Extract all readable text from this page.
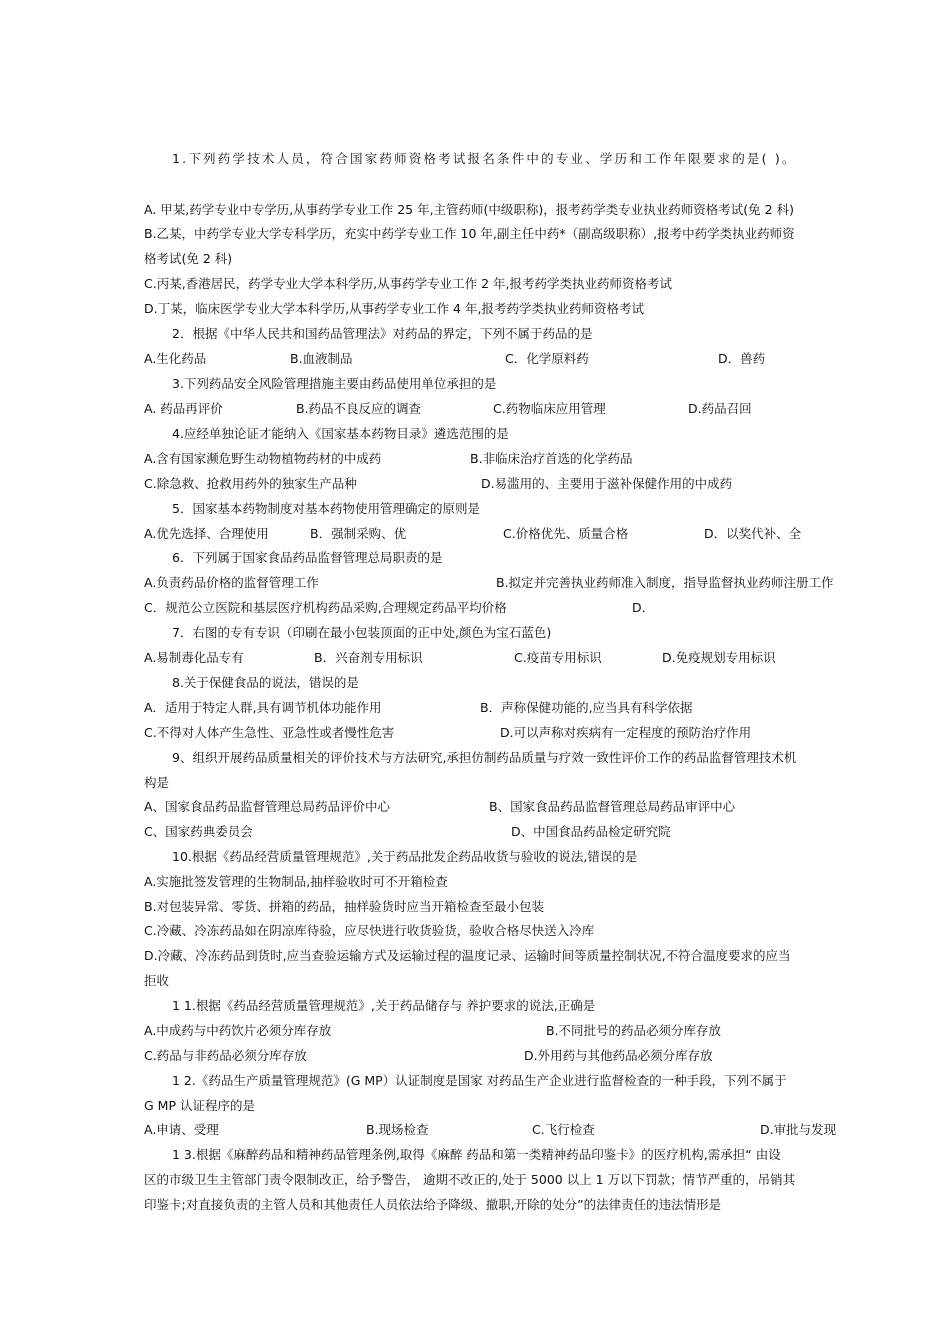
1.下列药学技术人员，符合国家药师资格考试报名条件中的专业、学历和工作年限要求的是( )。
A. 甲某,药学专业中专学历,从事药学专业工作 25 年,主管药师(中级职称)，报考药学类专业执业药师资格考试(免 2 科)
B.乙某，中药学专业大学专科学历，充实中药学专业工作 10 年,副主任中药*（副高级职称）,报考中药学类执业药师资
格考试(免 2 科)
C.丙某,香港居民，药学专业大学本科学历,从事药学专业工作 2 年,报考药学类执业药师资格考试
D.丁某，临床医学专业大学本科学历,从事药学专业工作 4 年,报考药学类执业药师资格考试
2．根据《中华人民共和国药品管理法》对药品的界定，下列不属于药品的是
A.生化药品	B.血液制品	C．化学原料药	D．兽药
3.下列药品安全风险管理措施主要由药品使用单位承担的是
A. 药品再评价	B.药品不良反应的调查	C.药物临床应用管理	D.药品召回
4.应经单独论证才能纳入《国家基本药物目录》遴选范围的是
A.含有国家濒危野生动物植物药材的中成药	B.非临床治疗首选的化学药品
C.除急救、抢救用药外的独家生产品种	D.易滥用的、主要用于滋补保健作用的中成药
5．国家基本药物制度对基本药物使用管理确定的原则是
A.优先选择、合理使用	B．强制采购、优	C.价格优先、质量合格	D．以奖代补、全
6．下列属于国家食品药品监督管理总局职责的是
A.负责药品价格的监督管理工作	B.拟定并完善执业药师准入制度，指导监督执业药师注册工作
C．规范公立医院和基层医疗机构药品采购,合理规定药品平均价格	D．
7．右图的专有专识（印刷在最小包装顶面的正中处,颜色为宝石蓝色)
A.易制毒化品专有	B．兴奋剂专用标识	C.疫苗专用标识	D.免疫规划专用标识
8.关于保健食品的说法，错误的是
A．适用于特定人群,具有调节机体功能作用	B．声称保健功能的,应当具有科学依据
C.不得对人体产生急性、亚急性或者慢性危害	D.可以声称对疾病有一定程度的预防治疗作用
9、组织开展药品质量相关的评价技术与方法研究,承担仿制药品质量与疗效一致性评价工作的药品监督管理技术机
构是
A、国家食品药品监督管理总局药品评价中心	B、国家食品药品监督管理总局药品审评中心
C、国家药典委员会	D、中国食品药品检定研究院
10.根据《药品经营质量管理规范》,关于药品批发企药品收货与验收的说法,错误的是
A.实施批签发管理的生物制品,抽样验收时可不开箱检查
B.对包装异常、零货、拼箱的药品，抽样验货时应当开箱检查至最小包装
C.冷藏、冷冻药品如在阴凉库待验，应尽快进行收货验货，验收合格尽快送入冷库
D.冷藏、冷冻药品到货时,应当查验运输方式及运输过程的温度记录、运输时间等质量控制状况,不符合温度要求的应当
拒收
1 1.根据《药品经营质量管理规范》,关于药品储存与 养护要求的说法,正确是
A.中成药与中药饮片必须分库存放	B.不同批号的药品必须分库存放
C.药品与非药品必须分库存放	D.外用药与其他药品必须分库存放
1 2.《药品生产质量管理规范》(G MP）认证制度是国家 对药品生产企业进行监督检查的一种手段，下列不属于
G MP 认证程序的是
A.申请、受理	B.现场检查	C.飞行检查	D.审批与发现
1 3.根据《麻醉药品和精神药品管理条例,取得《麻醉 药品和第一类精神药品印鉴卡》的医疗机构,需承担“ 由设
区的市级卫生主管部门责令限制改正，给予警告， 逾期不改正的,处于 5000 以上 1 万以下罚款；情节严重的，吊销其
印鉴卡;对直接负责的主管人员和其他责任人员依法给予降级、撤职,开除的处分”的法律责任的违法情形是
